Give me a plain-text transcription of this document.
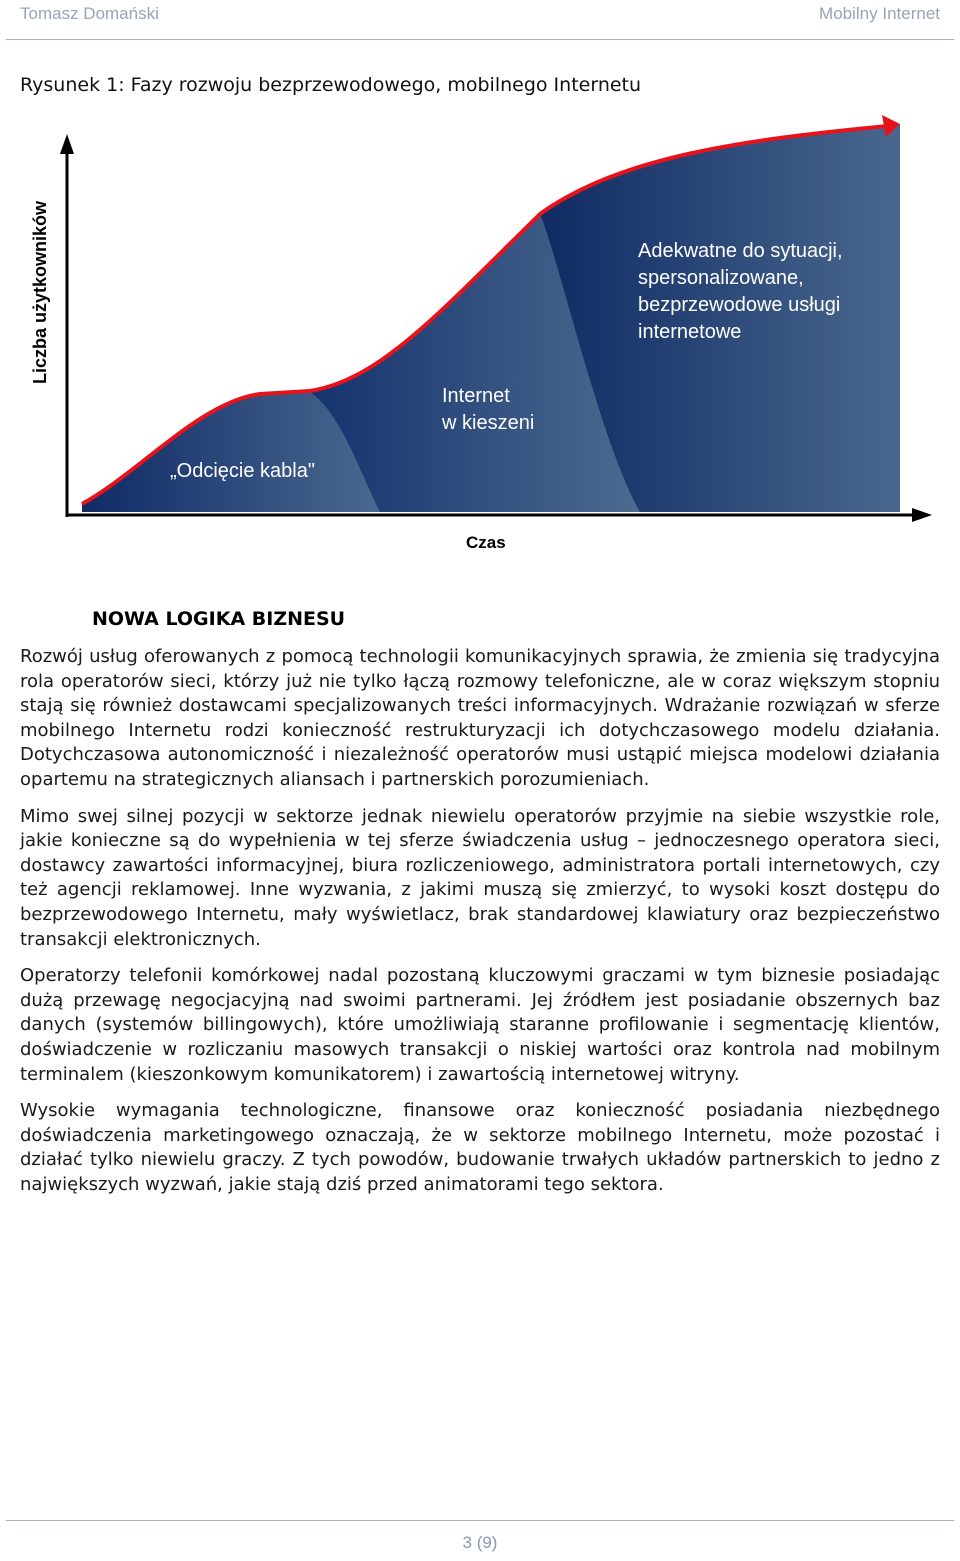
Tomasz Domański	Mobilny Internet
Rysunek 1: Fazy rozwoju bezprzewodowego, mobilnego Internetu
Liczba użytkowników
Czas
„Odcięcie kabla"
Internet
w kieszeni
Adekwatne do sytuacji,
spersonalizowane,
bezprzewodowe usługi
internetowe
NOWA LOGIKA BIZNESU

Rozwój usług oferowanych z pomocą technologii komunikacyjnych sprawia, że zmienia się tradycyjna rola operatorów sieci, którzy już nie tylko łączą rozmowy telefoniczne, ale w coraz większym stopniu stają się również dostawcami specjalizowanych treści informacyjnych. Wdrażanie rozwiązań w sferze mobilnego Internetu rodzi konieczność restrukturyzacji ich dotychczasowego modelu działania. Dotychczasowa autonomiczność i niezależność operatorów musi ustąpić miejsca modelowi działania opartemu na strategicznych aliansach i partnerskich porozumieniach.

Mimo swej silnej pozycji w sektorze jednak niewielu operatorów przyjmie na siebie wszystkie role, jakie konieczne są do wypełnienia w tej sferze świadczenia usług – jednoczesnego operatora sieci, dostawcy zawartości informacyjnej, biura rozliczeniowego, administratora portali internetowych, czy też agencji reklamowej. Inne wyzwania, z jakimi muszą się zmierzyć, to wysoki koszt dostępu do bezprzewodowego Internetu, mały wyświetlacz, brak standardowej klawiatury oraz bezpieczeństwo transakcji elektronicznych.

Operatorzy telefonii komórkowej nadal pozostaną kluczowymi graczami w tym biznesie posiadając dużą przewagę negocjacyjną nad swoimi partnerami. Jej źródłem jest posiadanie obszernych baz danych (systemów billingowych), które umożliwiają staranne profilowanie i segmentację klientów, doświadczenie w rozliczaniu masowych transakcji o niskiej wartości oraz kontrola nad mobilnym terminalem (kieszonkowym komunikatorem) i zawartością internetowej witryny.

Wysokie wymagania technologiczne, finansowe oraz konieczność posiadania niezbędnego doświadczenia marketingowego oznaczają, że w sektorze mobilnego Internetu, może pozostać i działać tylko niewielu graczy. Z tych powodów, budowanie trwałych układów partnerskich to jedno z największych wyzwań, jakie stają dziś przed animatorami tego sektora.

3 (9)
